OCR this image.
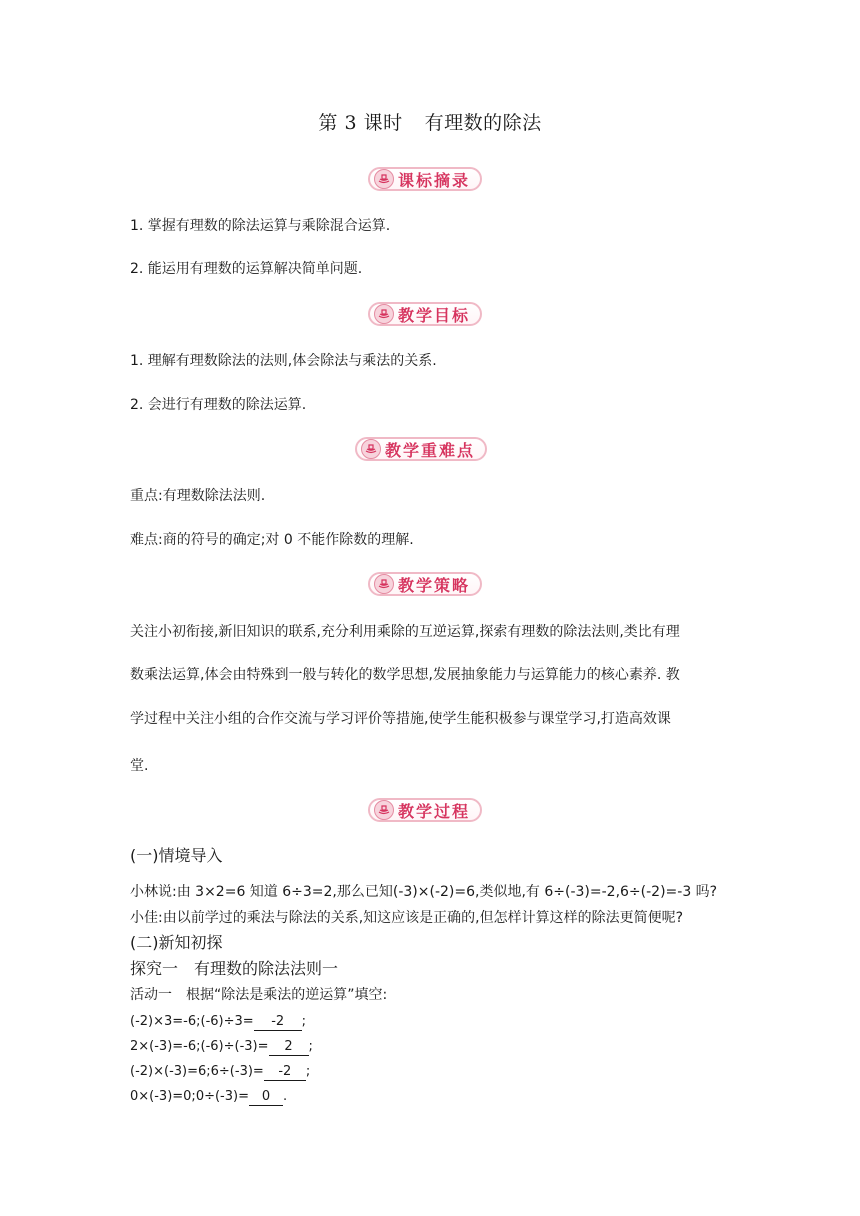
第 3 课时 有理数的除法
课标摘录
1. 掌握有理数的除法运算与乘除混合运算.
2. 能运用有理数的运算解决简单问题.
教学目标
1. 理解有理数除法的法则,体会除法与乘法的关系.
2. 会进行有理数的除法运算.
教学重难点
重点:有理数除法法则.
难点:商的符号的确定;对 0 不能作除数的理解.
教学策略
关注小初衔接,新旧知识的联系,充分利用乘除的互逆运算,探索有理数的除法法则,类比有理
数乘法运算,体会由特殊到一般与转化的数学思想,发展抽象能力与运算能力的核心素养. 教
学过程中关注小组的合作交流与学习评价等措施,使学生能积极参与课堂学习,打造高效课
堂.
教学过程
(一)情境导入
小林说:由 3×2=6 知道 6÷3=2,那么已知(-3)×(-2)=6,类似地,有 6÷(-3)=-2,6÷(-2)=-3 吗?
小佳:由以前学过的乘法与除法的关系,知这应该是正确的,但怎样计算这样的除法更简便呢?
(二)新知初探
探究一　有理数的除法法则一
活动一　根据“除法是乘法的逆运算”填空:
(-2)×3=-6;(-6)÷3= -2 ;
2×(-3)=-6;(-6)÷(-3)= 2 ;
(-2)×(-3)=6;6÷(-3)= -2 ;
0×(-3)=0;0÷(-3)= 0 .
